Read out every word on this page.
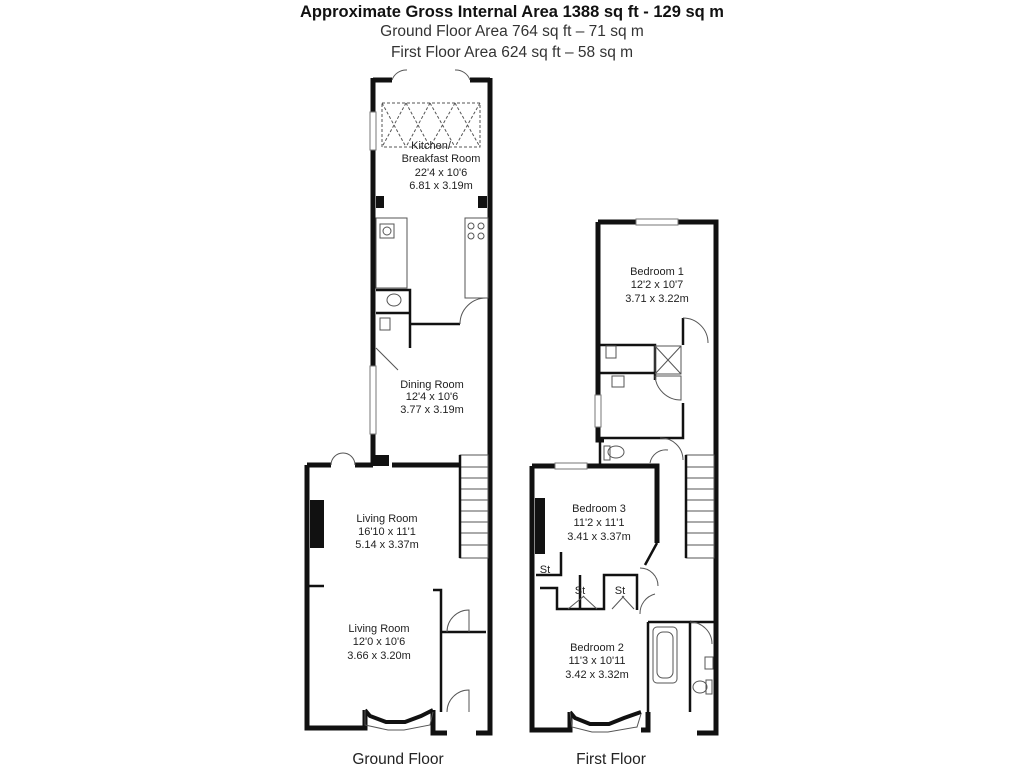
Approximate Gross Internal Area 1388 sq ft - 129 sq m
Ground Floor Area 764 sq ft – 71 sq m
First Floor Area 624 sq ft – 58 sq m
Kitchen/
Breakfast Room
22'4 x 10'6
6.81 x 3.19m
Dining Room
12'4 x 10'6
3.77 x 3.19m
Living Room
16'10 x 11'1
5.14 x 3.37m
Living Room
12'0 x 10'6
3.66 x 3.20m
Ground Floor
Bedroom 1
12'2 x 10'7
3.71 x 3.22m
Bedroom 3
11'2 x 11'1
3.41 x 3.37m
St
St	St
Bedroom 2
11'3 x 10'11
3.42 x 3.32m
First Floor
